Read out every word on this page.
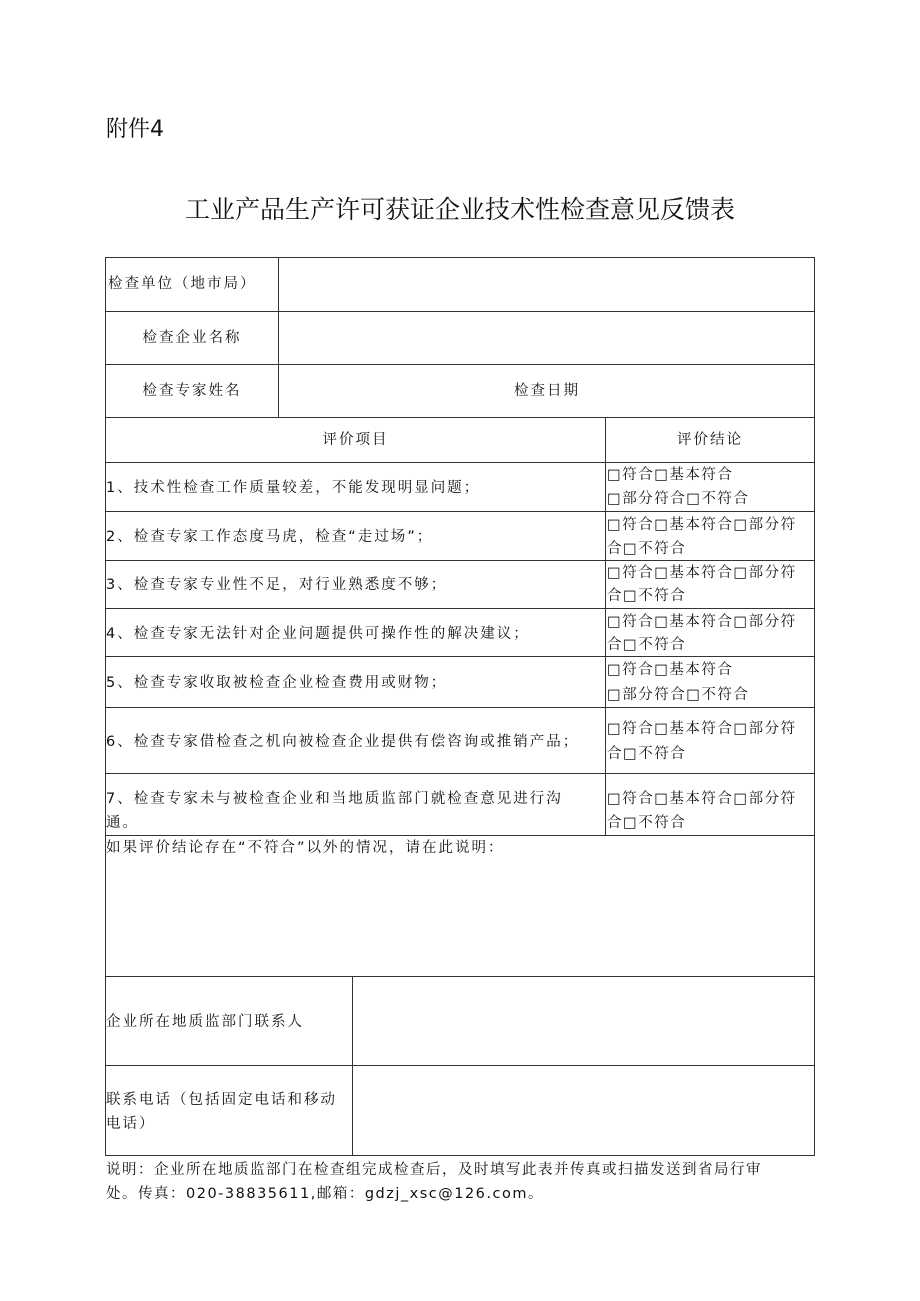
附件4
工业产品生产许可获证企业技术性检查意见反馈表
检查单位（地市局）
检查企业名称
检查专家姓名	检查日期
评价项目	评价结论
1、技术性检查工作质量较差，不能发现明显问题；
□符合□基本符合
□部分符合□不符合
2、检查专家工作态度马虎，检查“走过场”；
□符合□基本符合□部分符
合□不符合
3、检查专家专业性不足，对行业熟悉度不够；
□符合□基本符合□部分符
合□不符合
4、检查专家无法针对企业问题提供可操作性的解决建议；
□符合□基本符合□部分符
合□不符合
5、检查专家收取被检查企业检查费用或财物；
□符合□基本符合
□部分符合□不符合
6、检查专家借检查之机向被检查企业提供有偿咨询或推销产品；
□符合□基本符合□部分符
合□不符合
7、检查专家未与被检查企业和当地质监部门就检查意见进行沟
通。
□符合□基本符合□部分符
合□不符合
如果评价结论存在“不符合”以外的情况，请在此说明：
企业所在地质监部门联系人
联系电话（包括固定电话和移动
电话）
说明：企业所在地质监部门在检查组完成检查后，及时填写此表并传真或扫描发送到省局行审
处。传真：020-38835611,邮箱：gdzj_xsc@126.com。
